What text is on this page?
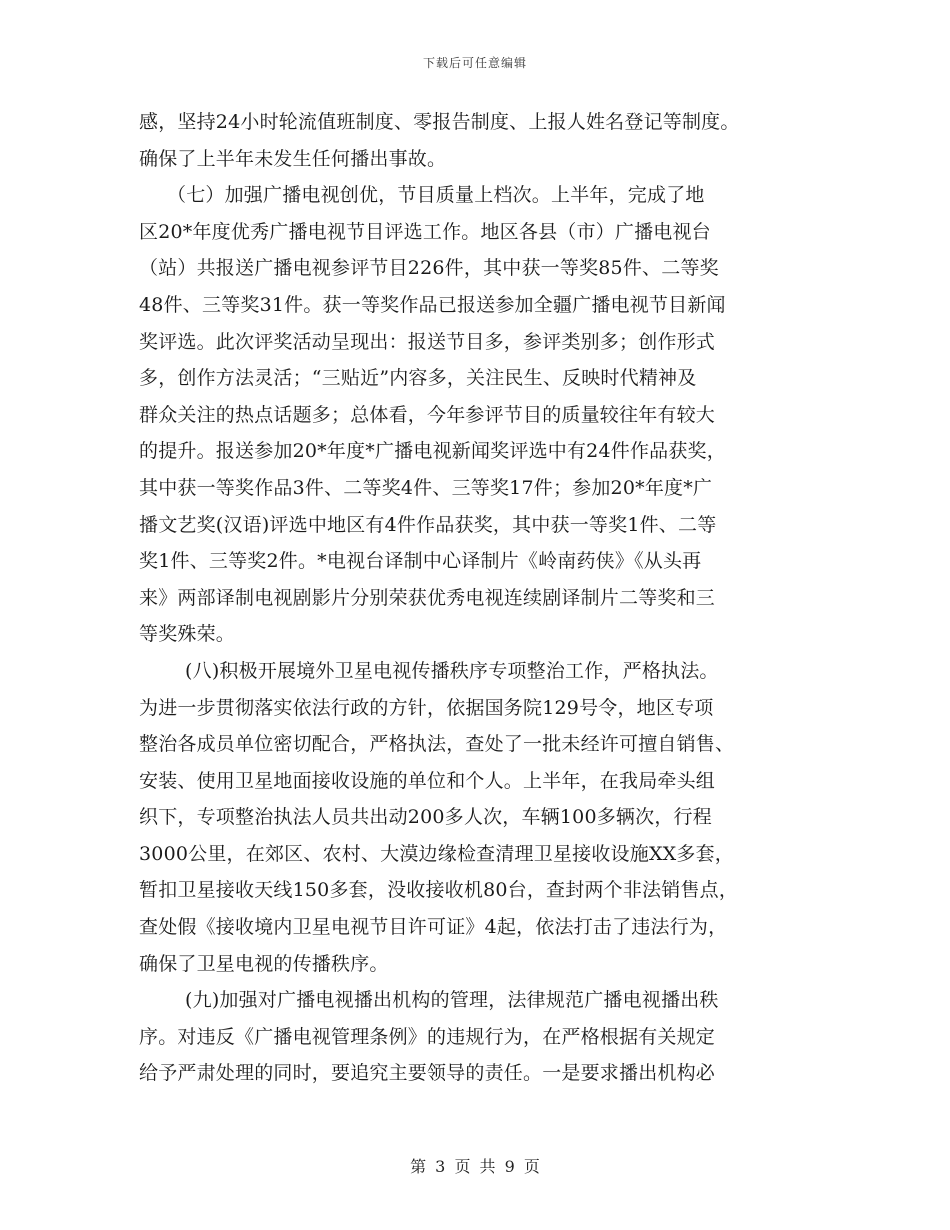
下载后可任意编辑
感，坚持24小时轮流值班制度、零报告制度、上报人姓名登记等制度。
确保了上半年未发生任何播出事故。
（七）加强广播电视创优，节目质量上档次。上半年，完成了地
区20*年度优秀广播电视节目评选工作。地区各县（市）广播电视台
（站）共报送广播电视参评节目226件，其中获一等奖85件、二等奖
48件、三等奖31件。获一等奖作品已报送参加全疆广播电视节目新闻
奖评选。此次评奖活动呈现出：报送节目多，参评类别多；创作形式
多，创作方法灵活；“三贴近”内容多，关注民生、反映时代精神及
群众关注的热点话题多；总体看，今年参评节目的质量较往年有较大
的提升。报送参加20*年度*广播电视新闻奖评选中有24件作品获奖，
其中获一等奖作品3件、二等奖4件、三等奖17件；参加20*年度*广
播文艺奖(汉语)评选中地区有4件作品获奖，其中获一等奖1件、二等
奖1件、三等奖2件。*电视台译制中心译制片《岭南药侠》《从头再
来》两部译制电视剧影片分别荣获优秀电视连续剧译制片二等奖和三
等奖殊荣。
(八)积极开展境外卫星电视传播秩序专项整治工作，严格执法。
为进一步贯彻落实依法行政的方针，依据国务院129号令，地区专项
整治各成员单位密切配合，严格执法，查处了一批未经许可擅自销售、
安装、使用卫星地面接收设施的单位和个人。上半年，在我局牵头组
织下，专项整治执法人员共出动200多人次，车辆100多辆次，行程
3000公里，在郊区、农村、大漠边缘检查清理卫星接收设施XX多套，
暂扣卫星接收天线150多套，没收接收机80台，查封两个非法销售点，
查处假《接收境内卫星电视节目许可证》4起，依法打击了违法行为，
确保了卫星电视的传播秩序。
(九)加强对广播电视播出机构的管理，法律规范广播电视播出秩
序。对违反《广播电视管理条例》的违规行为，在严格根据有关规定
给予严肃处理的同时，要追究主要领导的责任。一是要求播出机构必
第 3 页 共 9 页
